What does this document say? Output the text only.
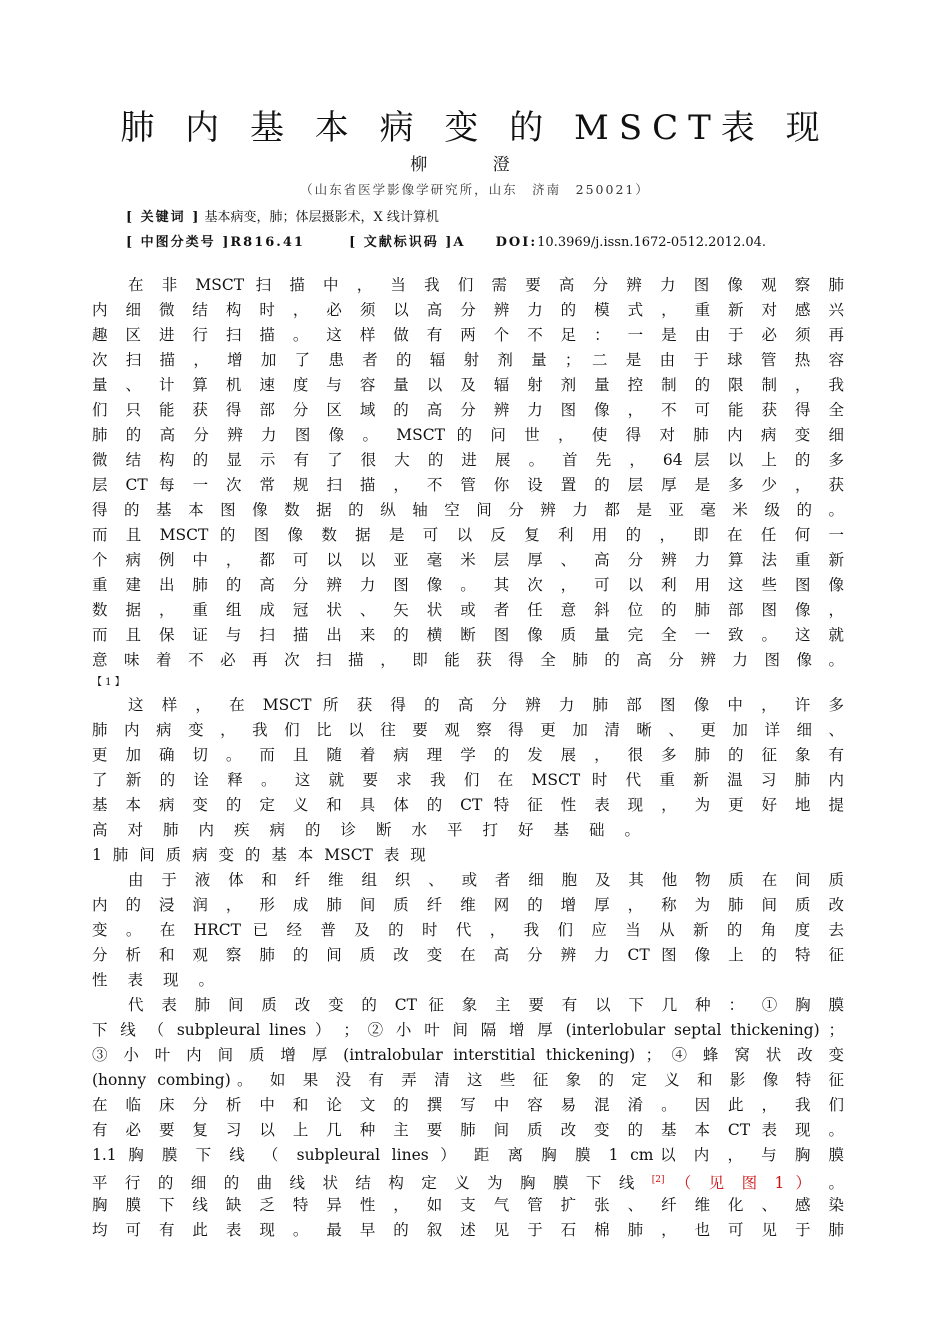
肺 内 基 本 病 变 的 MSCT表 现
柳 澄
（山东省医学影像学研究所，山东　济南　250021）
[ 关键词 ] 基本病变，肺；体层摄影术，X 线计算机
[ 中图分类号 ]R816.41	[ 文献标识码 ]A DOI:10.3969/j.issn.1672-0512.2012.04.
在 非 MSCT 扫 描 中 ， 当 我 们 需 要 高 分 辨 力 图 像 观 察 肺
内 细 微 结 构 时 ， 必 须 以 高 分 辨 力 的 模 式 ， 重 新 对 感 兴
趣 区 进 行 扫 描 。 这 样 做 有 两 个 不 足 ： 一 是 由 于 必 须 再
次 扫 描 ， 增 加 了 患 者 的 辐 射 剂 量 ； 二 是 由 于 球 管 热 容
量 、 计 算 机 速 度 与 容 量 以 及 辐 射 剂 量 控 制 的 限 制 ， 我
们 只 能 获 得 部 分 区 域 的 高 分 辨 力 图 像 ， 不 可 能 获 得 全
肺 的 高 分 辨 力 图 像 。 MSCT 的 问 世 ， 使 得 对 肺 内 病 变 细
微 结 构 的 显 示 有 了 很 大 的 进 展 。 首 先 ， 64 层 以 上 的 多
层 CT 每 一 次 常 规 扫 描 ， 不 管 你 设 置 的 层 厚 是 多 少 ， 获
得 的 基 本 图 像 数 据 的 纵 轴 空 间 分 辨 力 都 是 亚 毫 米 级 的 。
而 且 MSCT 的 图 像 数 据 是 可 以 反 复 利 用 的 ， 即 在 任 何 一
个 病 例 中 ， 都 可 以 以 亚 毫 米 层 厚 、 高 分 辨 力 算 法 重 新
重 建 出 肺 的 高 分 辨 力 图 像 。 其 次 ， 可 以 利 用 这 些 图 像
数 据 ， 重 组 成 冠 状 、 矢 状 或 者 任 意 斜 位 的 肺 部 图 像 ，
而 且 保 证 与 扫 描 出 来 的 横 断 图 像 质 量 完 全 一 致 。 这 就
意 味 着 不 必 再 次 扫 描 ， 即 能 获 得 全 肺 的 高 分 辨 力 图 像 。
【 1 】
这 样 ， 在 MSCT 所 获 得 的 高 分 辨 力 肺 部 图 像 中 ， 许 多
肺 内 病 变 ， 我 们 比 以 往 要 观 察 得 更 加 清 晰 、 更 加 详 细 、
更 加 确 切 。 而 且 随 着 病 理 学 的 发 展 ， 很 多 肺 的 征 象 有
了 新 的 诠 释 。 这 就 要 求 我 们 在 MSCT 时 代 重 新 温 习 肺 内
基 本 病 变 的 定 义 和 具 体 的 CT 特 征 性 表 现 ， 为 更 好 地 提
高对肺内疾病的诊断水平打好基础。
1 肺 间 质 病 变 的 基 本 MSCT 表 现
由 于 液 体 和 纤 维 组 织 、 或 者 细 胞 及 其 他 物 质 在 间 质
内 的 浸 润 ， 形 成 肺 间 质 纤 维 网 的 增 厚 ， 称 为 肺 间 质 改
变 。 在 HRCT 已 经 普 及 的 时 代 ， 我 们 应 当 从 新 的 角 度 去
分 析 和 观 察 肺 的 间 质 改 变 在 高 分 辨 力 CT 图 像 上 的 特 征
性表现。
代 表 肺 间 质 改 变 的 CT 征 象 主 要 有 以 下 几 种 ： ① 胸 膜
下 线 （ subpleural lines ） ； ② 小 叶 间 隔 增 厚 (interlobular septal thickening) ；
③ 小 叶 内 间 质 增 厚 (intralobular interstitial thickening) ； ④ 蜂 窝 状 改 变
(honny combing)。 如 果 没 有 弄 清 这 些 征 象 的 定 义 和 影 像 特 征
在 临 床 分 析 中 和 论 文 的 撰 写 中 容 易 混 淆 。 因 此 ， 我 们
有 必 要 复 习 以 上 几 种 主 要 肺 间 质 改 变 的 基 本 CT 表 现 。
1.1 胸 膜 下 线 （ subpleural lines ） 距 离 胸 膜 1 cm以 内 ， 与 胸 膜
平 行 的 细 的 曲 线 状 结 构 定 义 为 胸 膜 下 线 [2] （ 见 图 1 ） 。
胸 膜 下 线 缺 乏 特 异 性 ， 如 支 气 管 扩 张 、 纤 维 化 、 感 染
均 可 有 此 表 现 。 最 早 的 叙 述 见 于 石 棉 肺 ， 也 可 见 于 肺
